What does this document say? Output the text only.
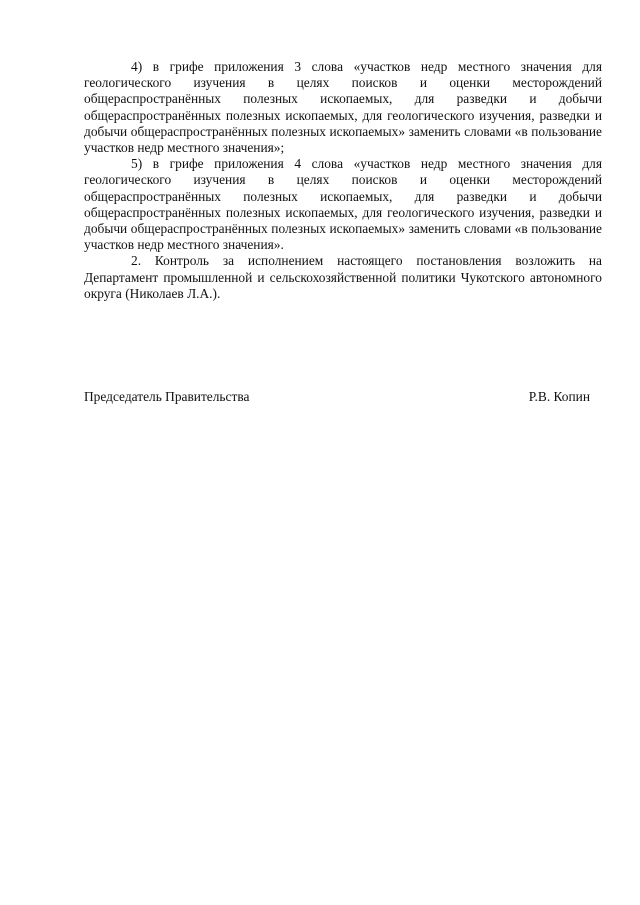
4) в грифе приложения 3 слова «участков недр местного значения для геологического изучения в целях поисков и оценки месторождений общераспространённых полезных ископаемых, для разведки и добычи общераспространённых полезных ископаемых, для геологического изучения, разведки и добычи общераспространённых полезных ископаемых» заменить словами «в пользование участков недр местного значения»;

5) в грифе приложения 4 слова «участков недр местного значения для геологического изучения в целях поисков и оценки месторождений общераспространённых полезных ископаемых, для разведки и добычи общераспространённых полезных ископаемых, для геологического изучения, разведки и добычи общераспространённых полезных ископаемых» заменить словами «в пользование участков недр местного значения».

2. Контроль за исполнением настоящего постановления возложить на Департамент промышленной и сельскохозяйственной политики Чукотского автономного округа (Николаев Л.А.).

Председатель Правительства	Р.В. Копин
